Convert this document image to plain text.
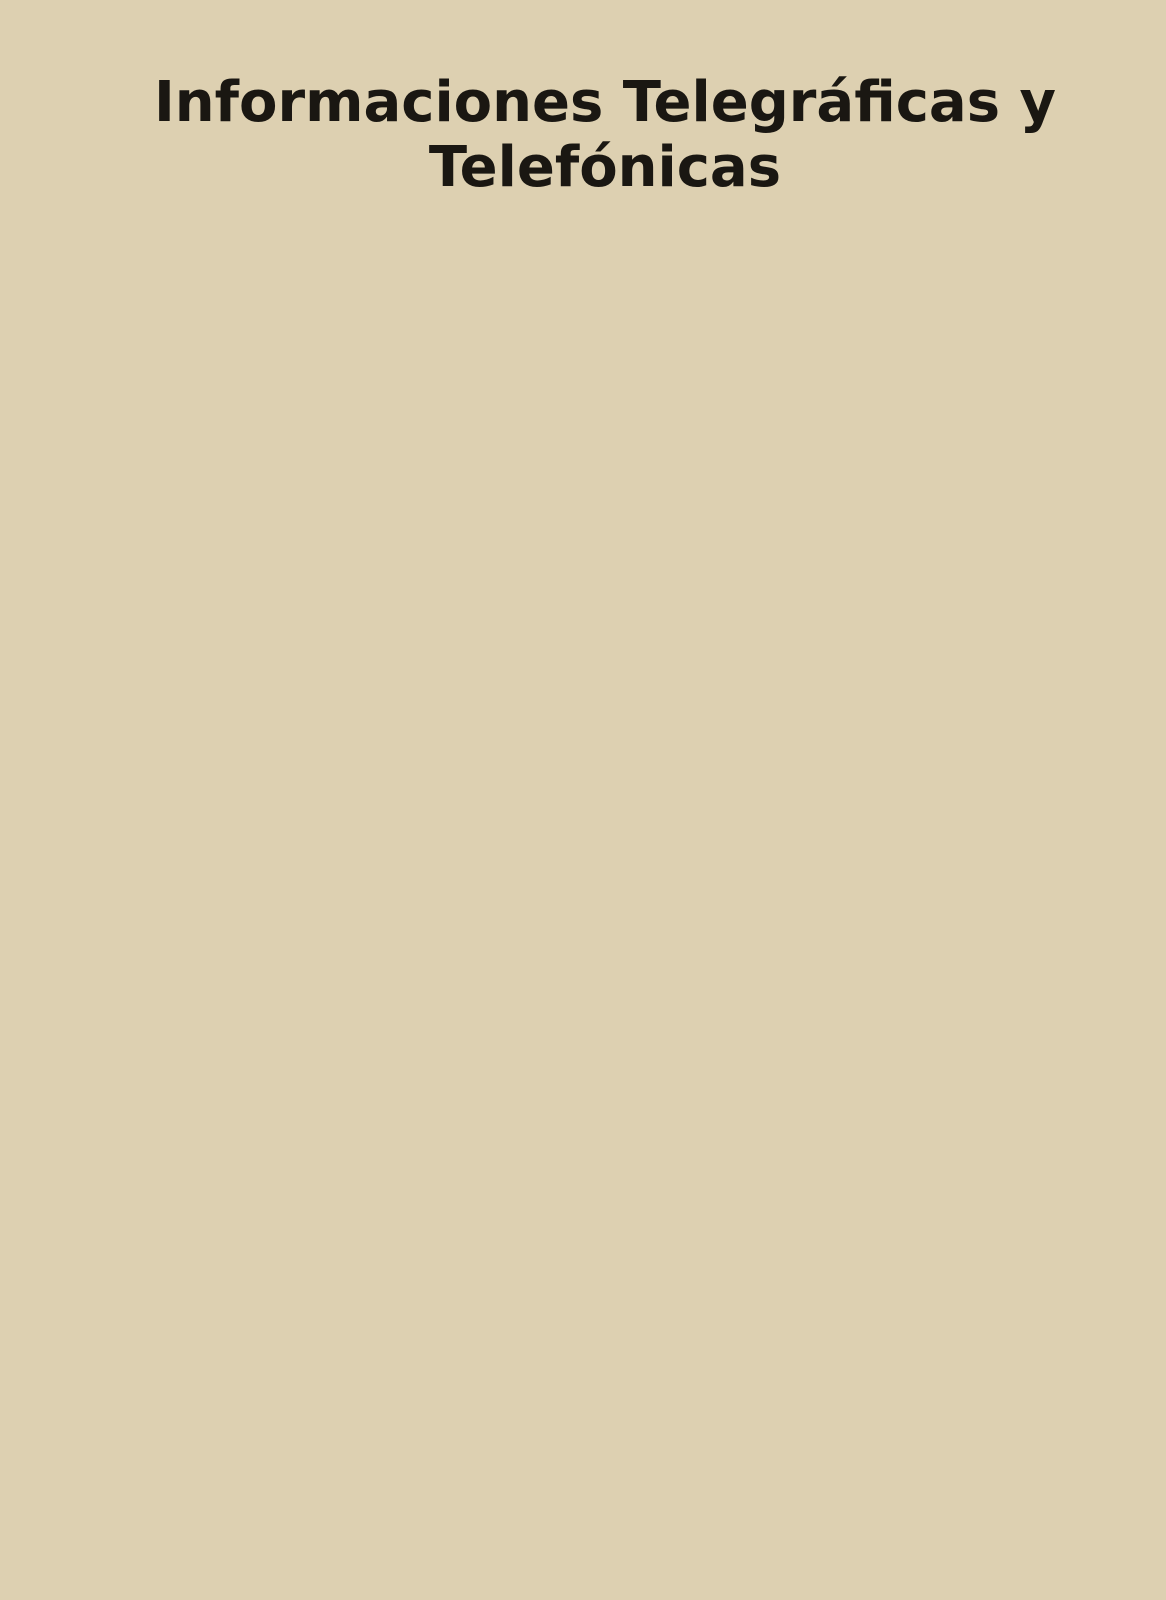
Informaciones Telegráficas y Telefónicas
